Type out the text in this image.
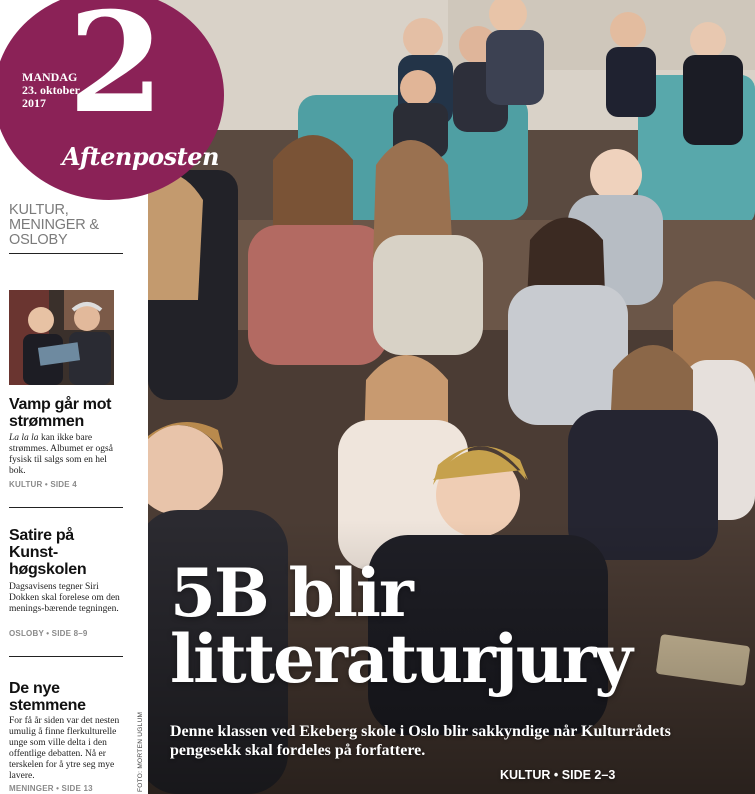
2
MANDAG
23. oktober
2017
Aftenposten
KULTUR, MENINGER & OSLOBY
Vamp går mot strømmen
La la la kan ikke bare strømmes. Albumet er også fysisk til salgs som en hel bok.
KULTUR • SIDE 4
Satire på Kunst-høgskolen
Dagsavisens tegner Siri Dokken skal forelese om den menings-bærende tegningen.
OSLOBY • SIDE 8–9
De nye stemmene
For få år siden var det nesten umulig å finne flerkulturelle unge som ville delta i den offentlige debatten. Nå er terskelen for å ytre seg mye lavere.
MENINGER • SIDE 13
5B blir litteraturjury
Denne klassen ved Ekeberg skole i Oslo blir sakkyndige når Kulturrådets pengesekk skal fordeles på forfattere.
KULTUR • SIDE 2–3
FOTO: MORTEN UGLUM
